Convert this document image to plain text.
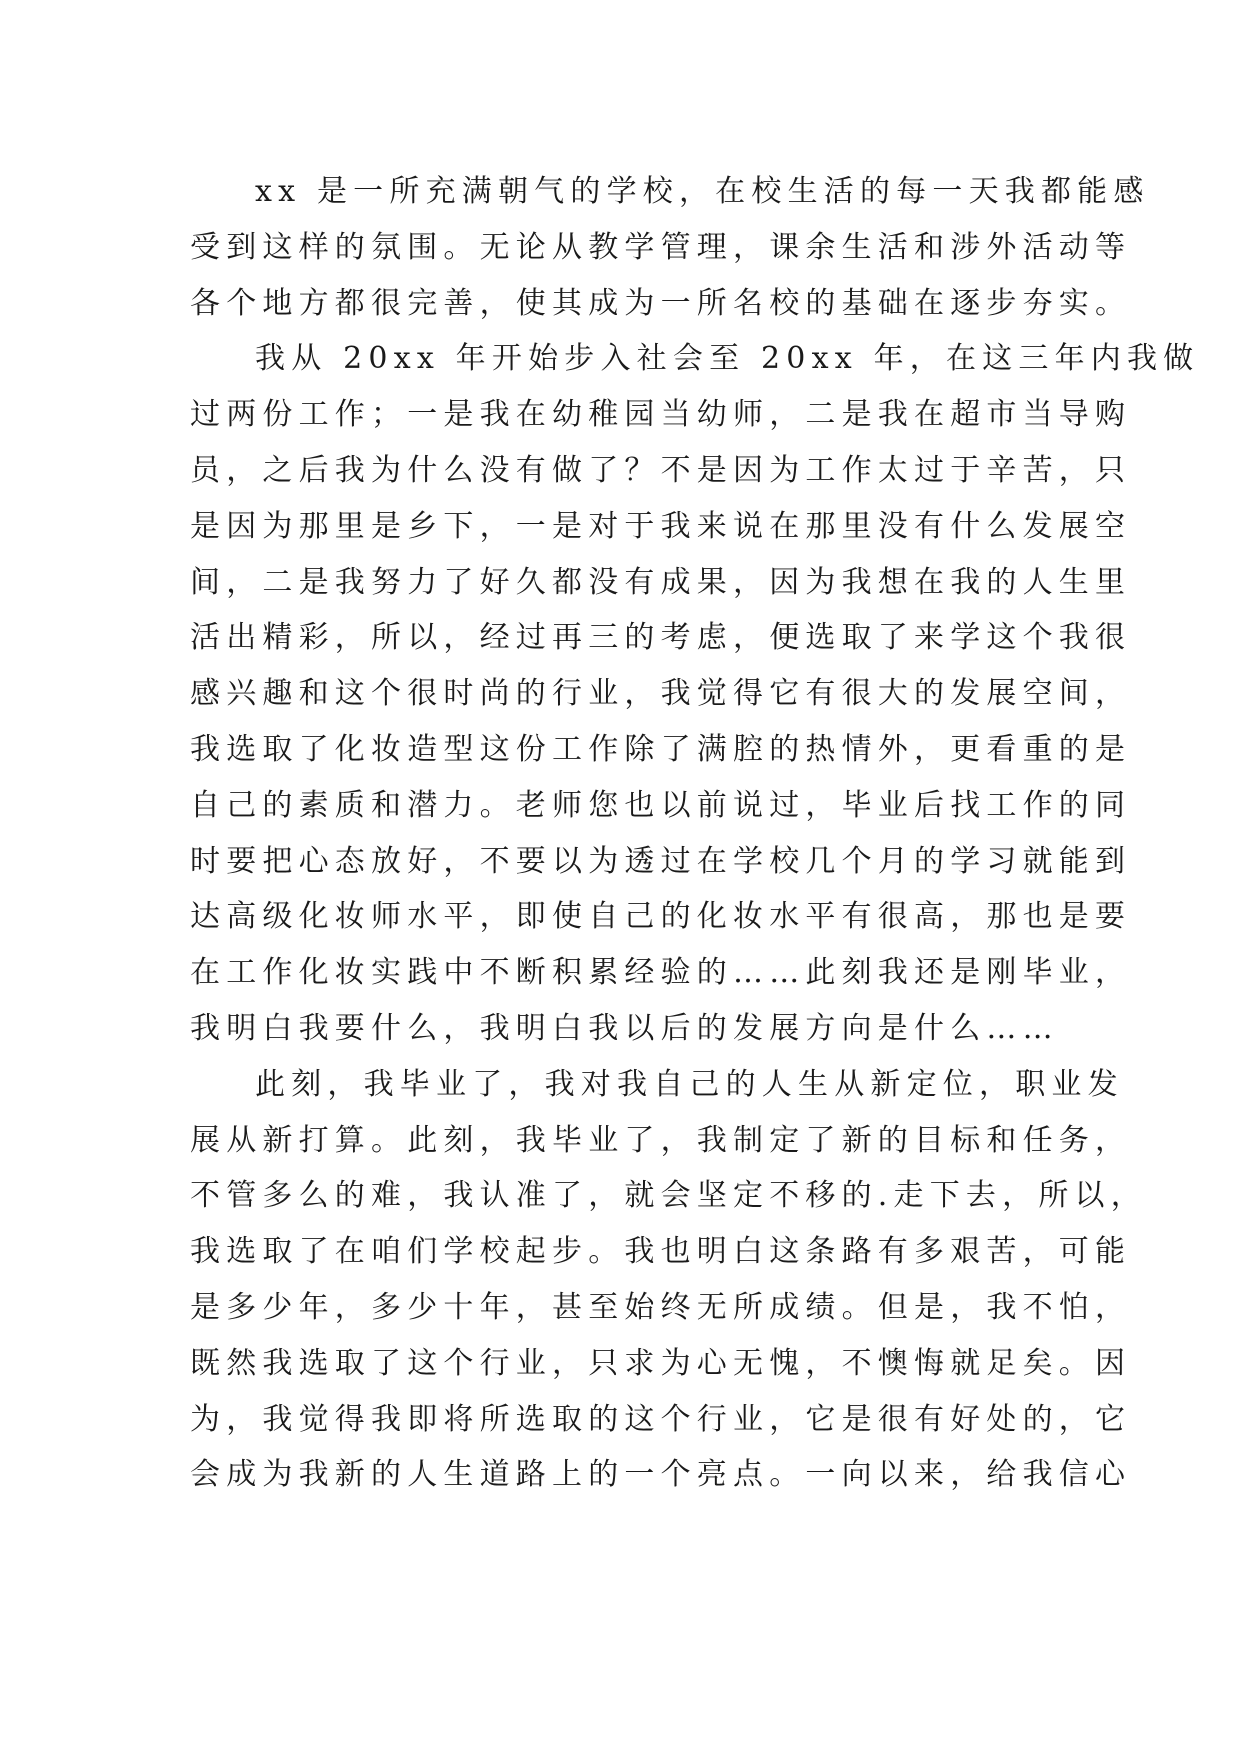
xx 是一所充满朝气的学校，在校生活的每一天我都能感
受到这样的氛围。无论从教学管理，课余生活和涉外活动等
各个地方都很完善，使其成为一所名校的基础在逐步夯实。
我从 20xx 年开始步入社会至 20xx 年，在这三年内我做
过两份工作；一是我在幼稚园当幼师，二是我在超市当导购
员，之后我为什么没有做了？不是因为工作太过于辛苦，只
是因为那里是乡下，一是对于我来说在那里没有什么发展空
间，二是我努力了好久都没有成果，因为我想在我的人生里
活出精彩，所以，经过再三的考虑，便选取了来学这个我很
感兴趣和这个很时尚的行业，我觉得它有很大的发展空间，
我选取了化妆造型这份工作除了满腔的热情外，更看重的是
自己的素质和潜力。老师您也以前说过，毕业后找工作的同
时要把心态放好，不要以为透过在学校几个月的学习就能到
达高级化妆师水平，即使自己的化妆水平有很高，那也是要
在工作化妆实践中不断积累经验的……此刻我还是刚毕业，
我明白我要什么，我明白我以后的发展方向是什么……
此刻，我毕业了，我对我自己的人生从新定位，职业发
展从新打算。此刻，我毕业了，我制定了新的目标和任务，
不管多么的难，我认准了，就会坚定不移的.走下去，所以，
我选取了在咱们学校起步。我也明白这条路有多艰苦，可能
是多少年，多少十年，甚至始终无所成绩。但是，我不怕，
既然我选取了这个行业，只求为心无愧，不懊悔就足矣。因
为，我觉得我即将所选取的这个行业，它是很有好处的，它
会成为我新的人生道路上的一个亮点。一向以来，给我信心
